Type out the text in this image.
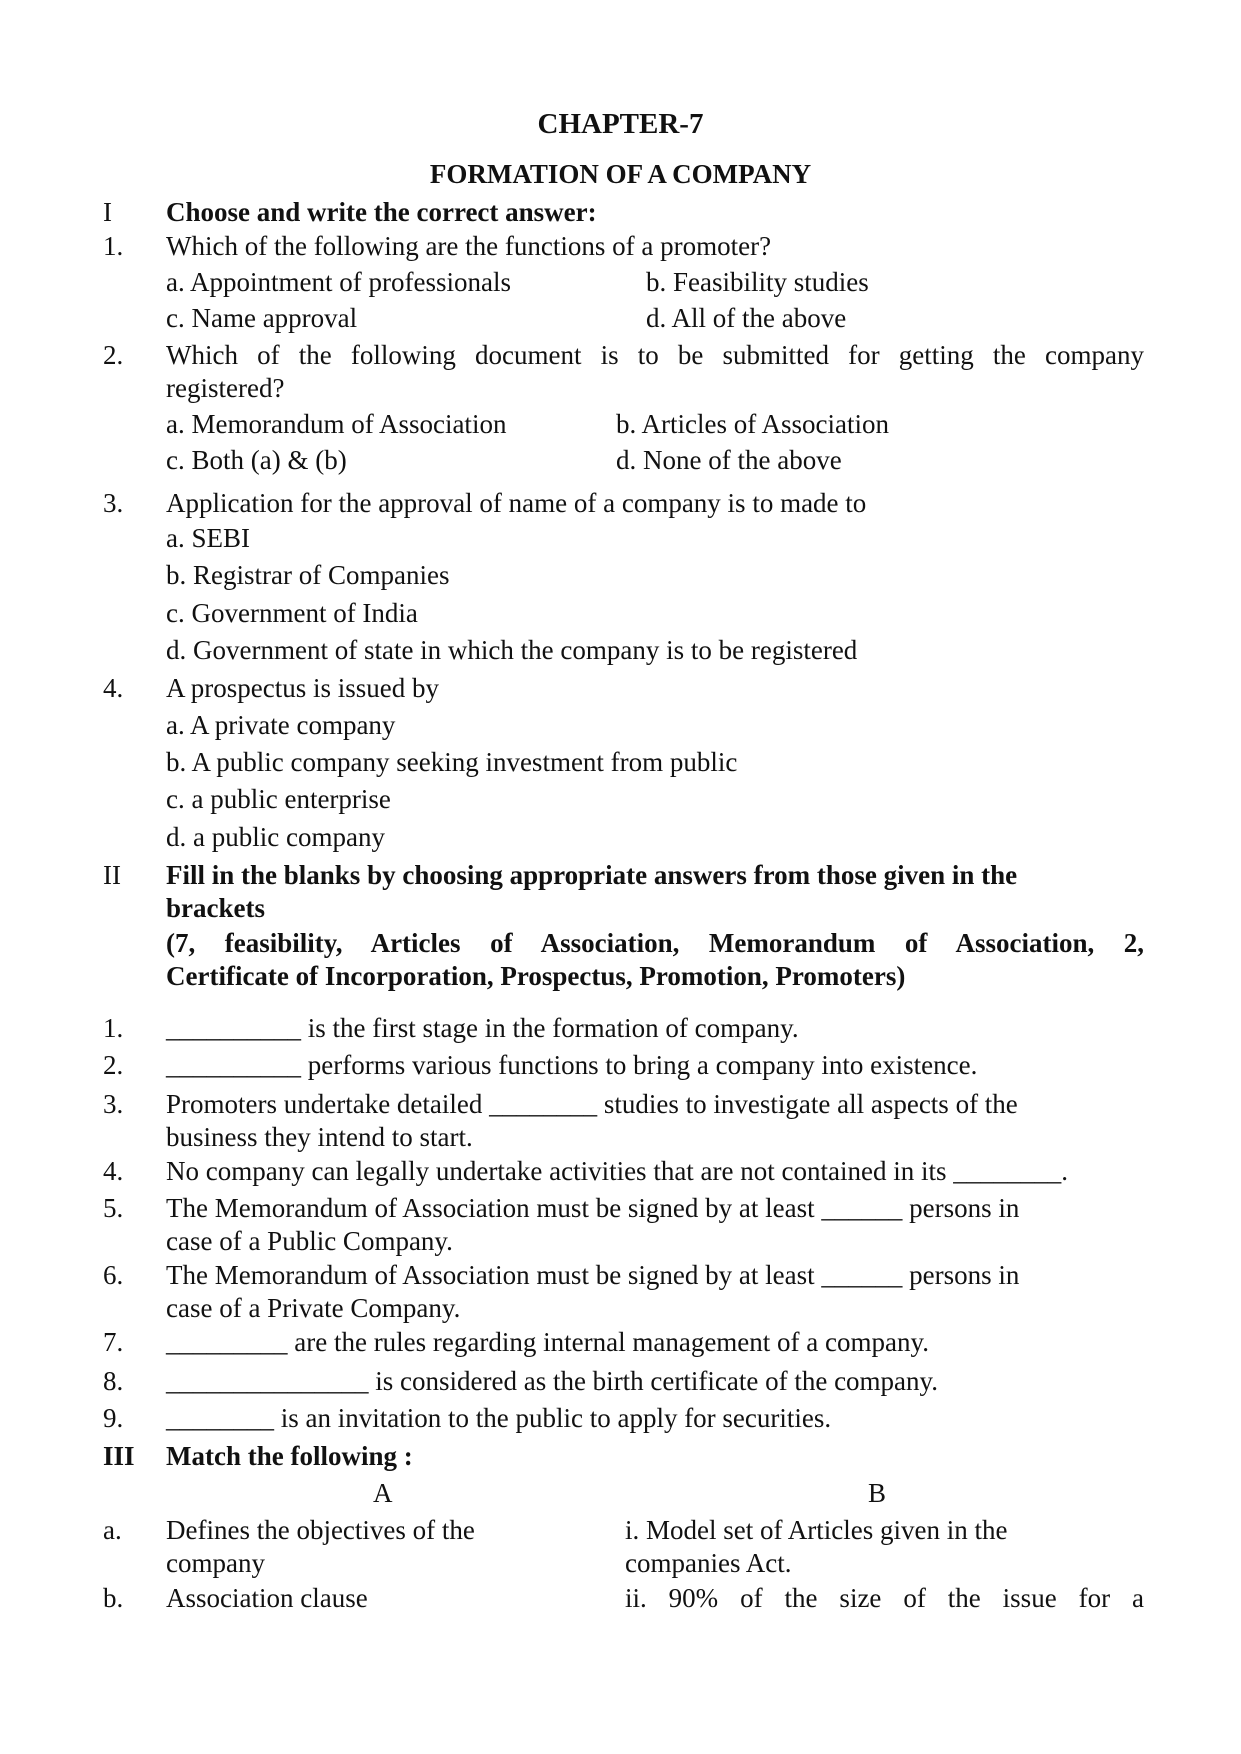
CHAPTER-7
FORMATION OF A COMPANY
I	Choose and write the correct answer:
1.	Which of the following are the functions of a promoter?
a. Appointment of professionals	b. Feasibility studies
c. Name approval	d. All of the above
2.	Which of the following document is to be submitted for getting the company
registered?
a. Memorandum of Association	b. Articles of Association
c. Both (a) & (b)	d. None of the above
3.	Application for the approval of name of a company is to made to
a. SEBI
b. Registrar of Companies
c. Government of India
d. Government of state in which the company is to be registered
4.	A prospectus is issued by
a. A private company
b. A public company seeking investment from public
c. a public enterprise
d. a public company
II	Fill in the blanks by choosing appropriate answers from those given in the
brackets
(7, feasibility, Articles of Association, Memorandum of Association, 2,
Certificate of Incorporation, Prospectus, Promotion, Promoters)
1.	__________ is the first stage in the formation of company.
2.	__________ performs various functions to bring a company into existence.
3.	Promoters undertake detailed ________ studies to investigate all aspects of the
business they intend to start.
4.	No company can legally undertake activities that are not contained in its ________.
5.	The Memorandum of Association must be signed by at least ______ persons in
case of a Public Company.
6.	The Memorandum of Association must be signed by at least ______ persons in
case of a Private Company.
7.	_________ are the rules regarding internal management of a company.
8.	_______________ is considered as the birth certificate of the company.
9.	________ is an invitation to the public to apply for securities.
III Match the following :
A	B
a.	Defines the objectives of the	i. Model set of Articles given in the
company	companies Act.
b.	Association clause	ii. 90% of the size of the issue for a
